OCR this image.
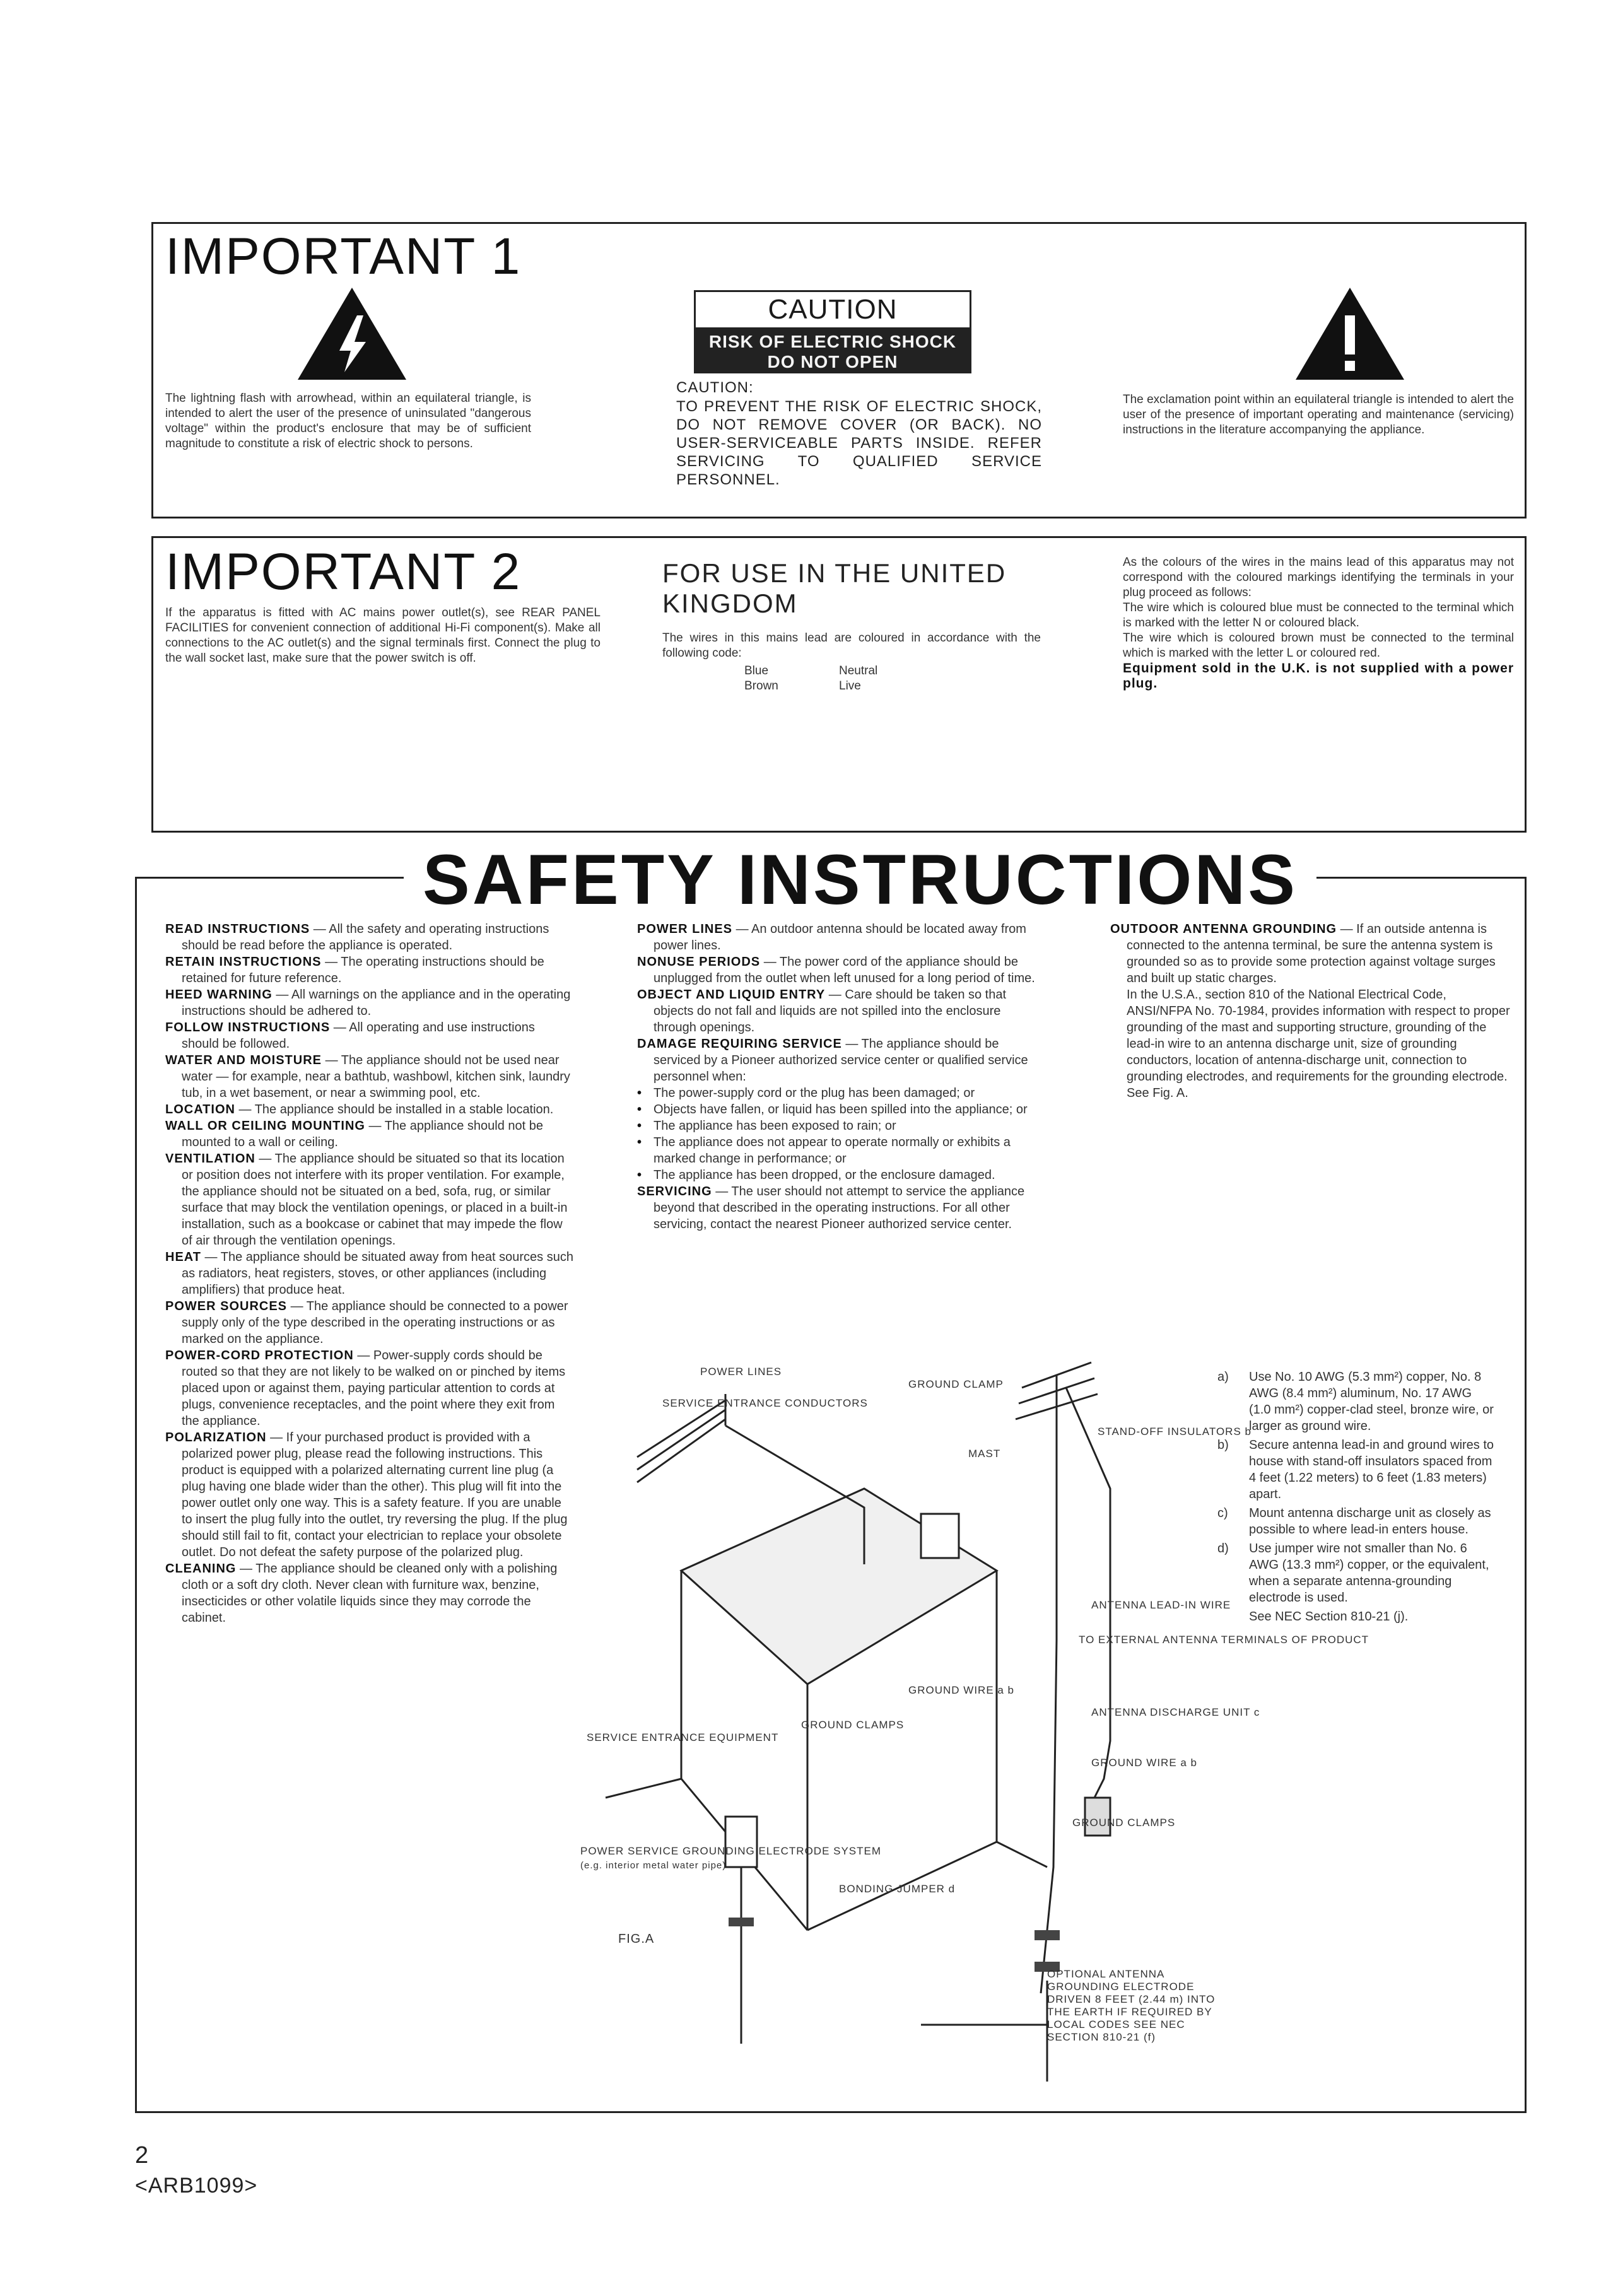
IMPORTANT 1
The lightning flash with arrowhead, within an equilateral triangle, is intended to alert the user of the presence of uninsulated "dangerous voltage" within the product's enclosure that may be of sufficient magnitude to constitute a risk of electric shock to persons.
CAUTION
RISK OF ELECTRIC SHOCK
DO NOT OPEN
CAUTION:
TO PREVENT THE RISK OF ELECTRIC SHOCK, DO NOT REMOVE COVER (OR BACK). NO USER-SERVICEABLE PARTS INSIDE. REFER SERVICING TO QUALIFIED SERVICE PERSONNEL.
The exclamation point within an equilateral triangle is intended to alert the user of the presence of important operating and maintenance (servicing) instructions in the literature accompanying the appliance.
IMPORTANT 2
If the apparatus is fitted with AC mains power outlet(s), see REAR PANEL FACILITIES for convenient connection of additional Hi-Fi component(s). Make all connections to the AC outlet(s) and the signal terminals first. Connect the plug to the wall socket last, make sure that the power switch is off.
FOR USE IN THE UNITED
KINGDOM
The wires in this mains lead are coloured in accordance with the following code:
Blue	Neutral
Brown	Live

As the colours of the wires in the mains lead of this apparatus may not correspond with the coloured markings identifying the terminals in your plug proceed as follows:

The wire which is coloured blue must be connected to the terminal which is marked with the letter N or coloured black.

The wire which is coloured brown must be connected to the terminal which is marked with the letter L or coloured red.

Equipment sold in the U.K. is not supplied with a power plug.

SAFETY INSTRUCTIONS
READ INSTRUCTIONS — All the safety and operating instructions should be read before the appliance is operated.
RETAIN INSTRUCTIONS — The operating instructions should be retained for future reference.
HEED WARNING — All warnings on the appliance and in the operating instructions should be adhered to.
FOLLOW INSTRUCTIONS — All operating and use instructions should be followed.
WATER AND MOISTURE — The appliance should not be used near water — for example, near a bathtub, washbowl, kitchen sink, laundry tub, in a wet basement, or near a swimming pool, etc.
LOCATION — The appliance should be installed in a stable location.
WALL OR CEILING MOUNTING — The appliance should not be mounted to a wall or ceiling.
VENTILATION — The appliance should be situated so that its location or position does not interfere with its proper ventilation. For example, the appliance should not be situated on a bed, sofa, rug, or similar surface that may block the ventilation openings, or placed in a built-in installation, such as a bookcase or cabinet that may impede the flow of air through the ventilation openings.
HEAT — The appliance should be situated away from heat sources such as radiators, heat registers, stoves, or other appliances (including amplifiers) that produce heat.
POWER SOURCES — The appliance should be connected to a power supply only of the type described in the operating instructions or as marked on the appliance.
POWER-CORD PROTECTION — Power-supply cords should be routed so that they are not likely to be walked on or pinched by items placed upon or against them, paying particular attention to cords at plugs, convenience receptacles, and the point where they exit from the appliance.
POLARIZATION — If your purchased product is provided with a polarized power plug, please read the following instructions. This product is equipped with a polarized alternating current line plug (a plug having one blade wider than the other). This plug will fit into the power outlet only one way. This is a safety feature. If you are unable to insert the plug fully into the outlet, try reversing the plug. If the plug should still fail to fit, contact your electrician to replace your obsolete outlet. Do not defeat the safety purpose of the polarized plug.
CLEANING — The appliance should be cleaned only with a polishing cloth or a soft dry cloth. Never clean with furniture wax, benzine, insecticides or other volatile liquids since they may corrode the cabinet.
POWER LINES — An outdoor antenna should be located away from power lines.
NONUSE PERIODS — The power cord of the appliance should be unplugged from the outlet when left unused for a long period of time.
OBJECT AND LIQUID ENTRY — Care should be taken so that objects do not fall and liquids are not spilled into the enclosure through openings.
DAMAGE REQUIRING SERVICE — The appliance should be serviced by a Pioneer authorized service center or qualified service personnel when:
• The power-supply cord or the plug has been damaged; or
• Objects have fallen, or liquid has been spilled into the appliance; or
• The appliance has been exposed to rain; or
• The appliance does not appear to operate normally or exhibits a marked change in performance; or
• The appliance has been dropped, or the enclosure damaged.
SERVICING — The user should not attempt to service the appliance beyond that described in the operating instructions. For all other servicing, contact the nearest Pioneer authorized service center.
OUTDOOR ANTENNA GROUNDING — If an outside antenna is connected to the antenna terminal, be sure the antenna system is grounded so as to provide some protection against voltage surges and built up static charges.
In the U.S.A., section 810 of the National Electrical Code, ANSI/NFPA No. 70-1984, provides information with respect to proper grounding of the mast and supporting structure, grounding of the lead-in wire to an antenna discharge unit, size of grounding conductors, location of antenna-discharge unit, connection to grounding electrodes, and requirements for the grounding electrode. See Fig. A.
a)	Use No. 10 AWG (5.3 mm²) copper, No. 8 AWG (8.4 mm²) aluminum, No. 17 AWG (1.0 mm²) copper-clad steel, bronze wire, or larger as ground wire.
b)	Secure antenna lead-in and ground wires to house with stand-off insulators spaced from 4 feet (1.22 meters) to 6 feet (1.83 meters) apart.
c)	Mount antenna discharge unit as closely as possible to where lead-in enters house.
d)	Use jumper wire not smaller than No. 6 AWG (13.3 mm²) copper, or the equivalent, when a separate antenna-grounding electrode is used.
See NEC Section 810-21 (j).
POWER LINES
SERVICE ENTRANCE CONDUCTORS
GROUND CLAMP
MAST
STAND-OFF INSULATORS b
ANTENNA LEAD-IN WIRE
TO EXTERNAL ANTENNA TERMINALS OF PRODUCT
GROUND WIRE a b
SERVICE ENTRANCE EQUIPMENT
GROUND CLAMPS
ANTENNA DISCHARGE UNIT c
GROUND WIRE a b
GROUND CLAMPS
POWER SERVICE GROUNDING ELECTRODE SYSTEM
(e.g. interior metal water pipe)
BONDING JUMPER d
FIG.A
OPTIONAL ANTENNA GROUNDING ELECTRODE DRIVEN 8 FEET (2.44 m) INTO THE EARTH IF REQUIRED BY LOCAL CODES SEE NEC SECTION 810-21 (f)
2
<ARB1099>
